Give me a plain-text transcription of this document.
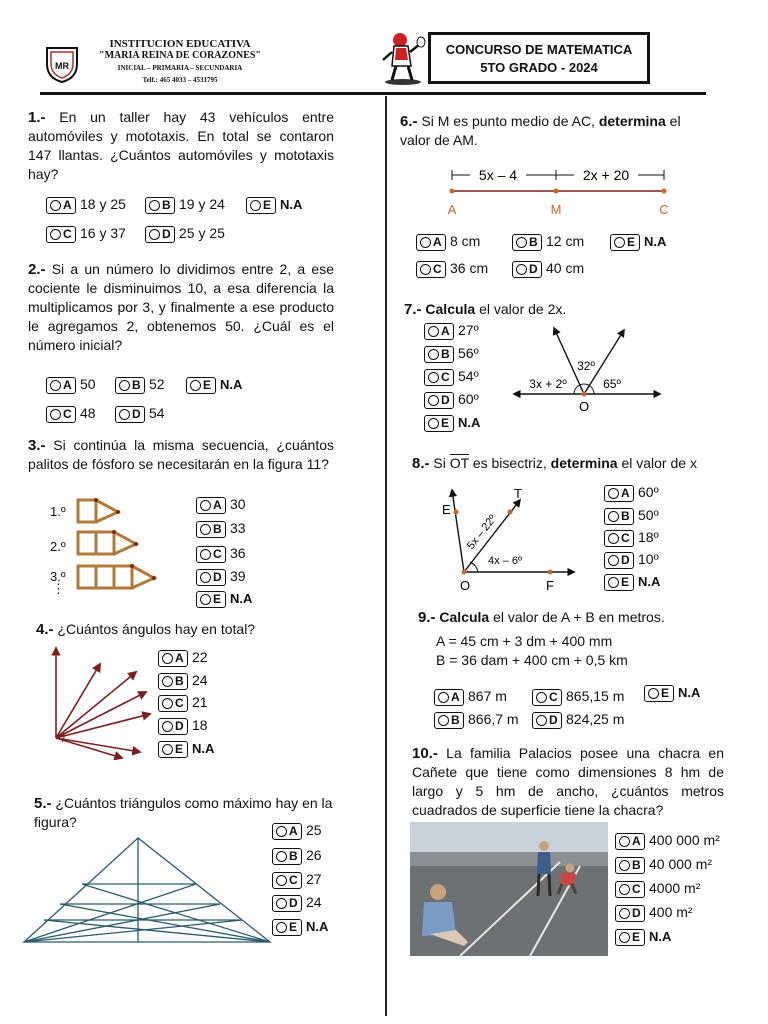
MR
INSTITUCION EDUCATIVA
"MARIA REINA DE CORAZONES"
INICIAL – PRIMARIA – SECUNDARIA
Telf.: 465 4033 – 4531795
CONCURSO DE MATEMATICA
5TO GRADO - 2024
1.- En un taller hay 43 vehículos entre automóviles y mototaxis. En total se contaron 147 llantas. ¿Cuántos automóviles y mototaxis hay?
A 18 y 25	B 19 y 24	E N.A
C 16 y 37	D 25 y 25
2.- Si a un número lo dividimos entre 2, a ese cociente le disminuimos 10, a esa diferencia la multiplicamos por 3, y finalmente a ese producto le agregamos 2, obtenemos 50. ¿Cuál es el número inicial?
A 50	B 52	E N.A
C 48	D 54
3.- Si continúa la misma secuencia, ¿cuántos palitos de fósforo se necesitarán en la figura 11?
1.º
2.º
3.º
⋮
A 30
B 33
C 36
D 39
E N.A
4.- ¿Cuántos ángulos hay en total?
A 22
B 24
C 21
D 18
E N.A
5.- ¿Cuántos triángulos como máximo hay en la figura?
A 25
B 26
C 27
D 24
E N.A
6.- Si M es punto medio de AC, determina el valor de AM.
5x – 4	2x + 20
A	M	C
A 8 cm	B 12 cm	E N.A
C 36 cm	D 40 cm
7.- Calcula el valor de 2x.
A 27º
B 56º
C 54º
D 60º
E N.A
32º
3x + 2º	65º
O
8.- Si $\overline{OT}$ es bisectriz, determina el valor de x
E
T
O	F
5x – 22º
4x – 6º
A 60º
B 50º
C 18º
D 10º
E N.A
9.- Calcula el valor de A + B en metros.
A = 45 cm + 3 dm + 400 mm
B = 36 dam + 400 cm + 0,5 km
A 867 m	C 865,15 m	E N.A
B 866,7 m	D 824,25 m
10.- La familia Palacios posee una chacra en Cañete que tiene como dimensiones 8 hm de largo y 5 hm de ancho, ¿cuántos metros cuadrados de superficie tiene la chacra?
A 400 000 m²
B 40 000 m²
C 4000 m²
D 400 m²
E N.A
